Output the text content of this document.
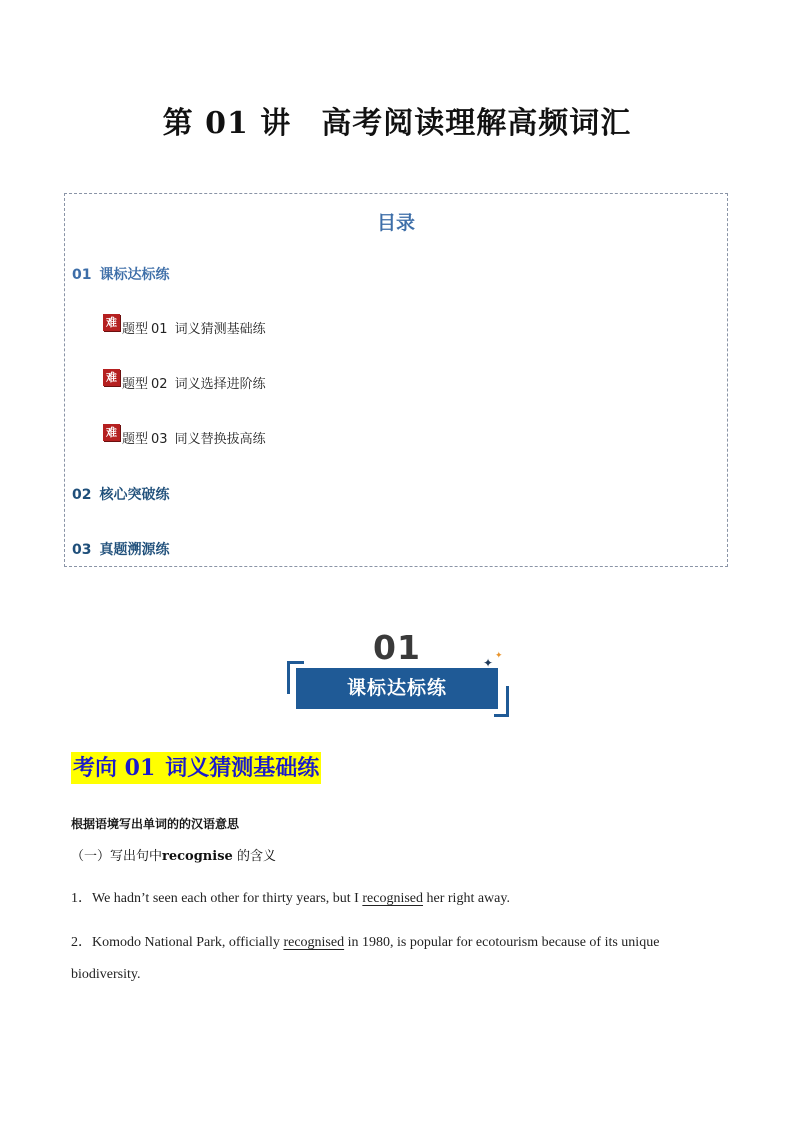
第 01 讲 高考阅读理解高频词汇
目录
01 课标达标练
难 题型 01 词义猜测基础练
难 题型 02 词义选择进阶练
难 题型 03 同义替换拔高练
02 核心突破练
03 真题溯源练
01
课标达标练
✦ ✦
考向 01 词义猜测基础练
根据语境写出单词的的汉语意思
（一）写出句中recognise 的含义
1．We hadn’t seen each other for thirty years, but I recognised her right away.
2．Komodo National Park, officially recognised in 1980, is popular for ecotourism because of its unique biodiversity.
